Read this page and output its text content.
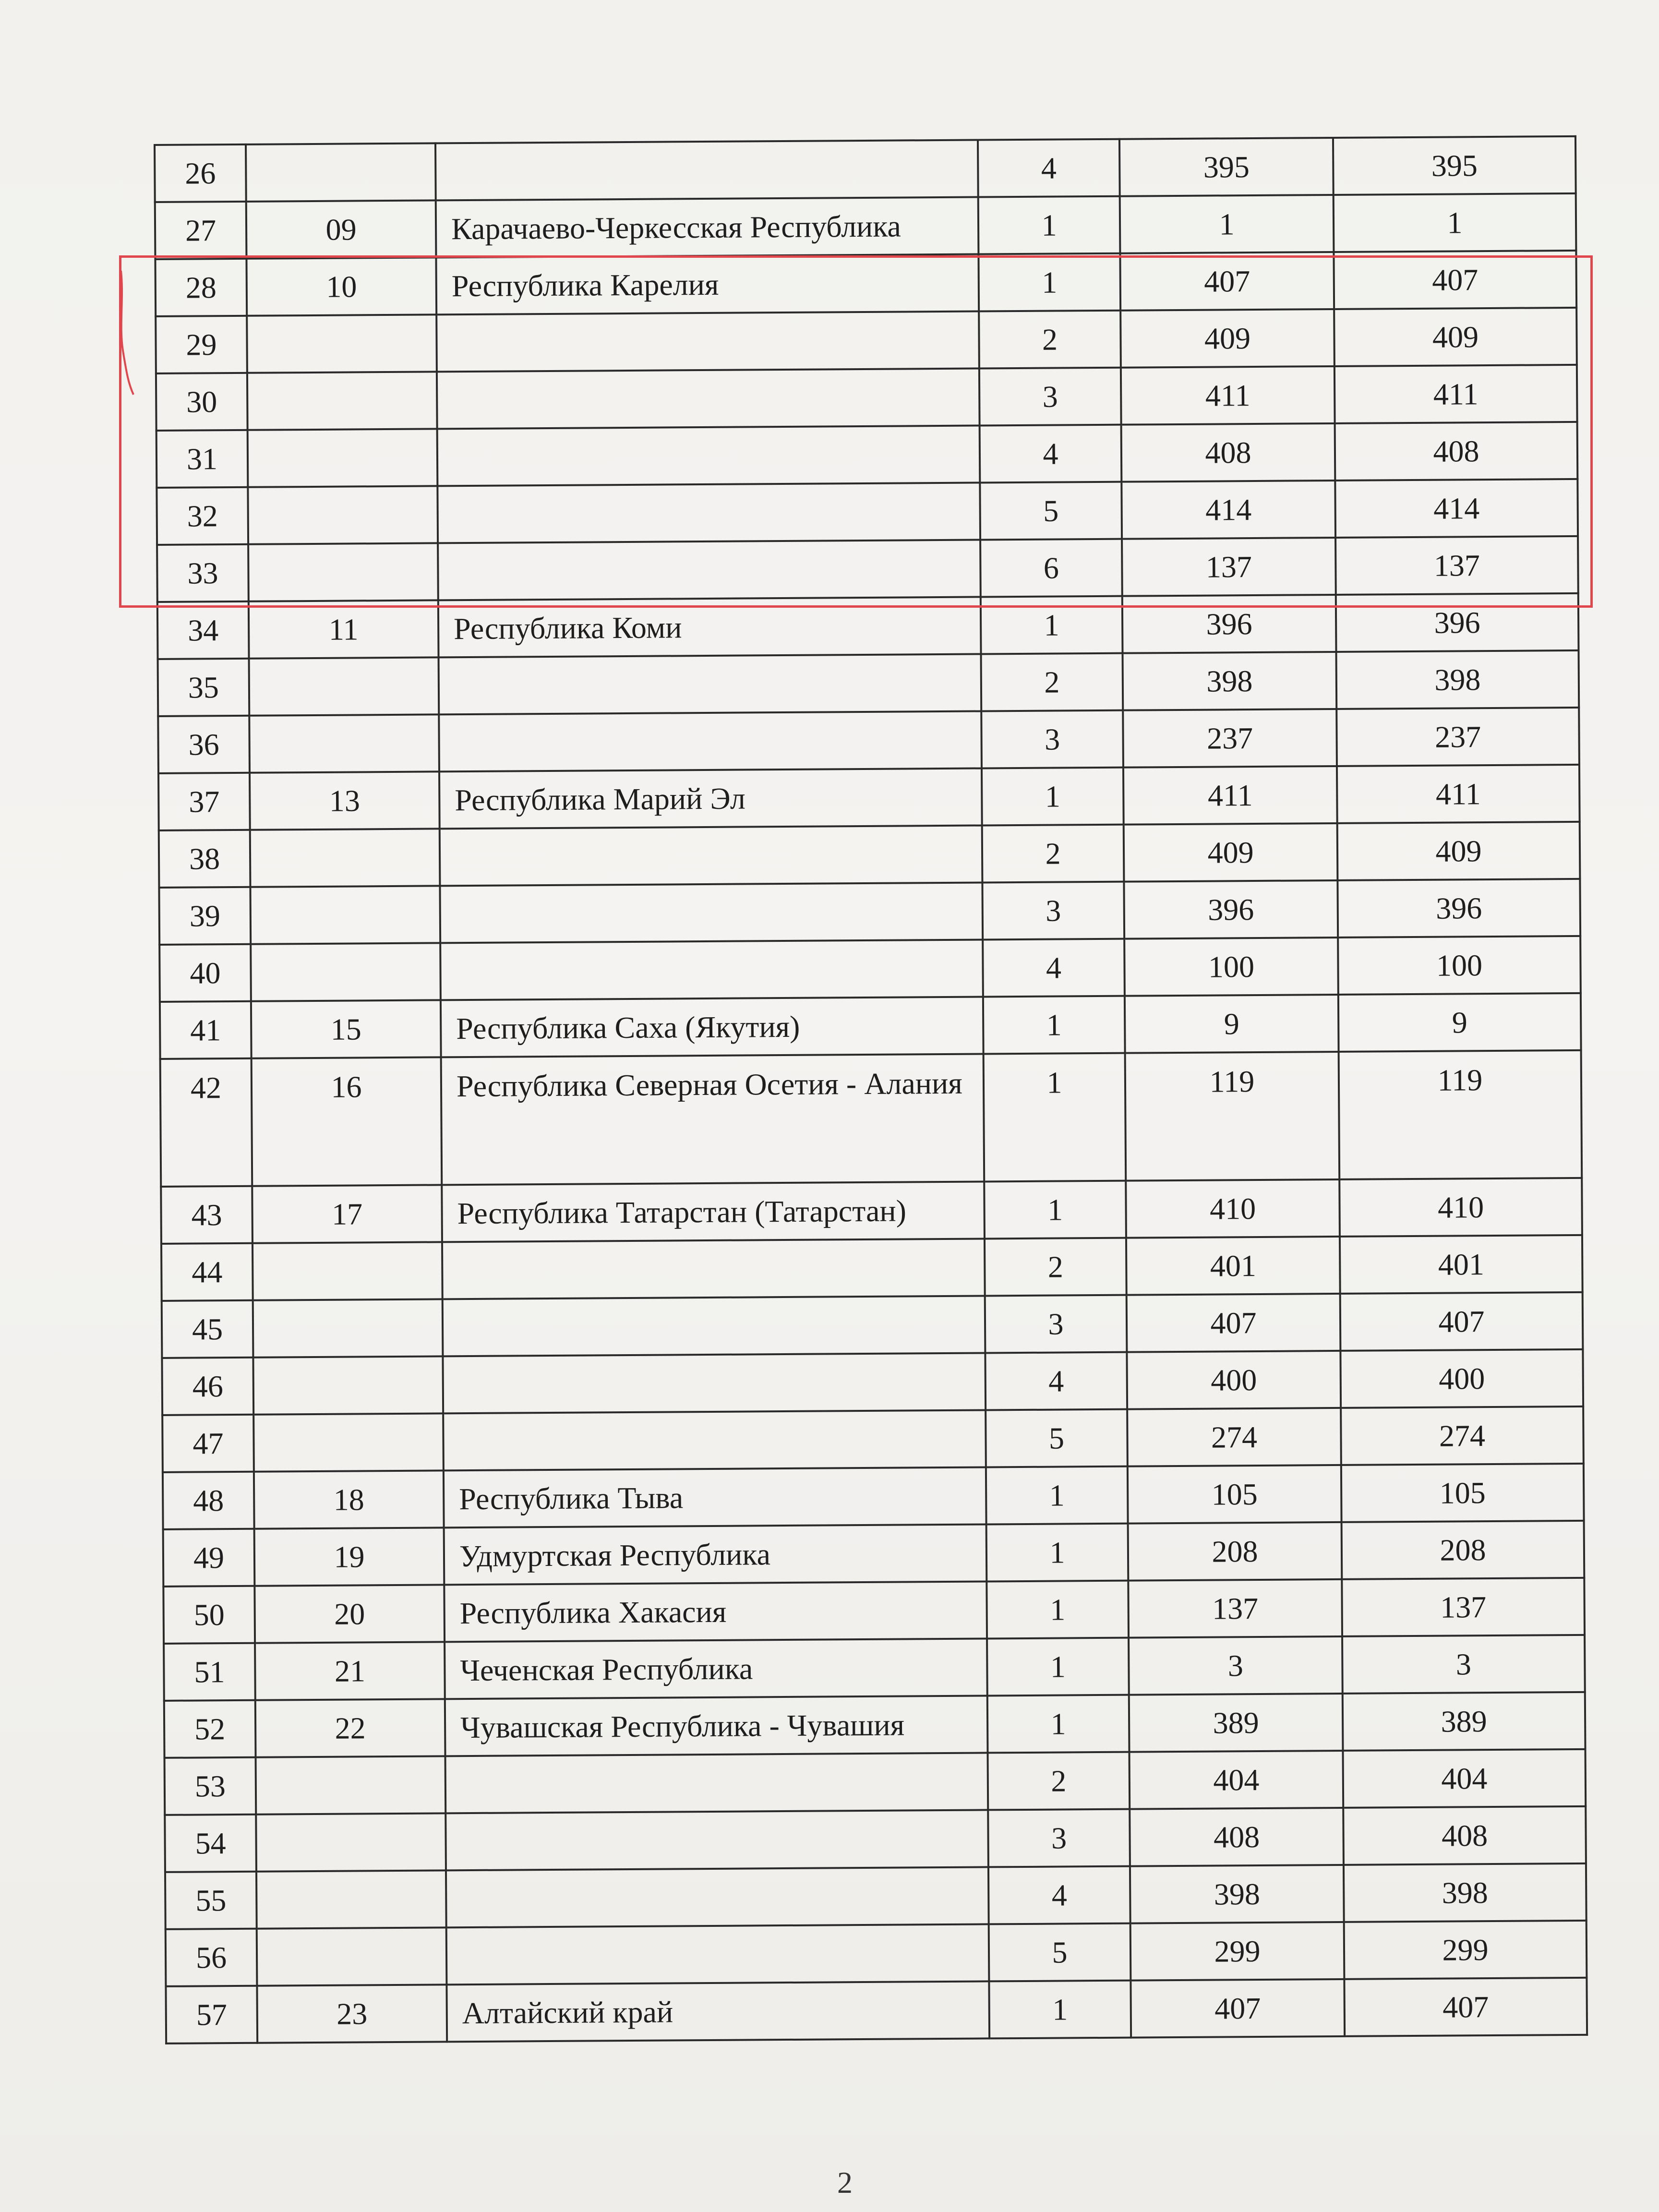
26			4	395	395
27	09	Карачаево-Черкесская Республика	1	1	1
28	10	Республика Карелия	1	407	407
29			2	409	409
30			3	411	411
31			4	408	408
32			5	414	414
33			6	137	137
34	11	Республика Коми	1	396	396
35			2	398	398
36			3	237	237
37	13	Республика Марий Эл	1	411	411
38			2	409	409
39			3	396	396
40			4	100	100
41	15	Республика Саха (Якутия)	1	9	9
42	16	Республика Северная Осетия - Алания	1	119	119
43	17	Республика Татарстан (Татарстан)	1	410	410
44			2	401	401
45			3	407	407
46			4	400	400
47			5	274	274
48	18	Республика Тыва	1	105	105
49	19	Удмуртская Республика	1	208	208
50	20	Республика Хакасия	1	137	137
51	21	Чеченская Республика	1	3	3
52	22	Чувашская Республика - Чувашия	1	389	389
53			2	404	404
54			3	408	408
55			4	398	398
56			5	299	299
57	23	Алтайский край	1	407	407
2
